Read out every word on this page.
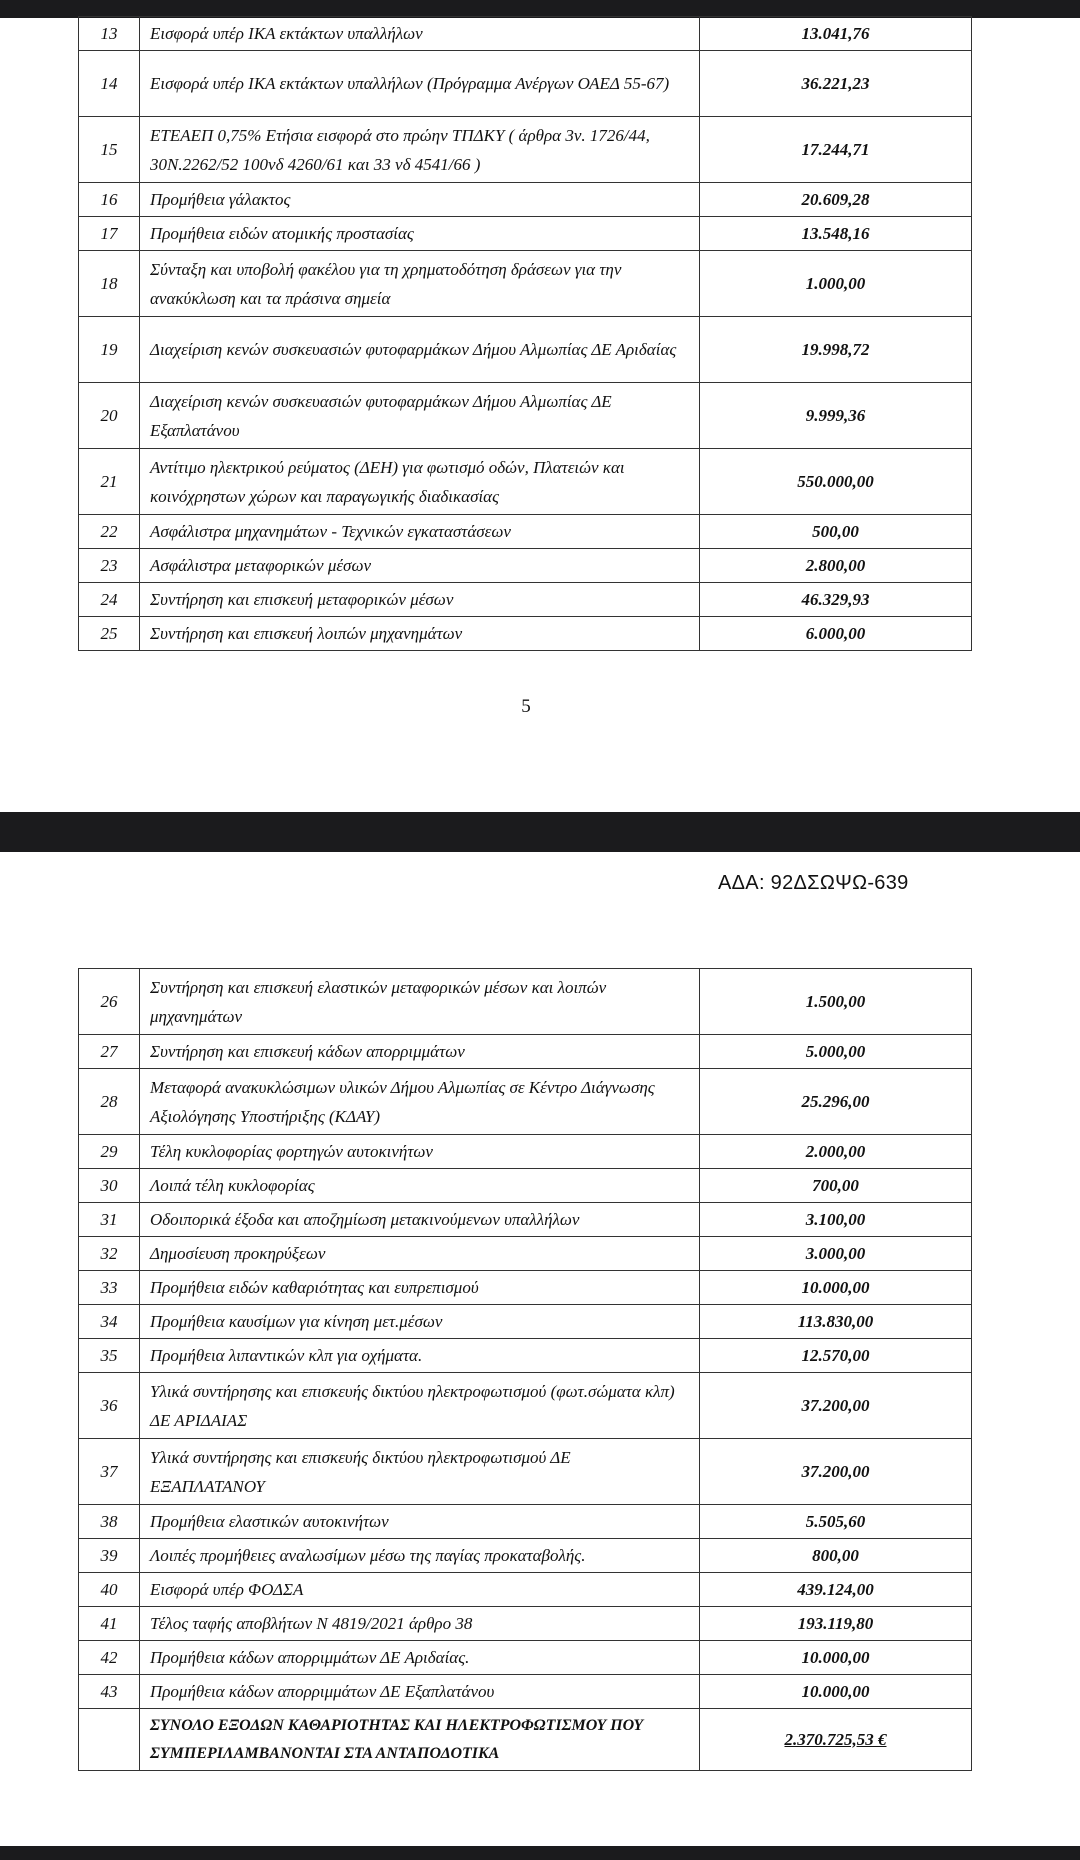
13	Εισφορά υπέρ ΙΚΑ εκτάκτων υπαλλήλων	13.041,76
14	Εισφορά υπέρ ΙΚΑ εκτάκτων υπαλλήλων (Πρόγραμμα Ανέργων ΟΑΕΔ 55-67)	36.221,23
15	ΕΤΕΑΕΠ 0,75% Ετήσια εισφορά στο πρώην ΤΠΔΚΥ ( άρθρα 3ν. 1726/44, 30Ν.2262/52 100νδ 4260/61 και 33 νδ 4541/66 )	17.244,71
16	Προμήθεια γάλακτος	20.609,28
17	Προμήθεια ειδών ατομικής προστασίας	13.548,16
18	Σύνταξη και υποβολή φακέλου για τη χρηματοδότηση δράσεων για την ανακύκλωση και τα πράσινα σημεία	1.000,00
19	Διαχείριση κενών συσκευασιών φυτοφαρμάκων Δήμου Αλμωπίας ΔΕ Αριδαίας	19.998,72
20	Διαχείριση κενών συσκευασιών φυτοφαρμάκων Δήμου Αλμωπίας ΔΕ Εξαπλατάνου	9.999,36
21	Αντίτιμο ηλεκτρικού ρεύματος (ΔΕΗ) για φωτισμό οδών, Πλατειών και κοινόχρηστων χώρων και παραγωγικής διαδικασίας	550.000,00
22	Ασφάλιστρα μηχανημάτων - Τεχνικών εγκαταστάσεων	500,00
23	Ασφάλιστρα μεταφορικών μέσων	2.800,00
24	Συντήρηση και επισκευή μεταφορικών μέσων	46.329,93
25	Συντήρηση και επισκευή λοιπών μηχανημάτων	6.000,00
5
ΑΔΑ: 92ΔΣΩΨΩ-639
26	Συντήρηση και επισκευή ελαστικών μεταφορικών μέσων και λοιπών μηχανημάτων	1.500,00
27	Συντήρηση και επισκευή κάδων απορριμμάτων	5.000,00
28	Μεταφορά ανακυκλώσιμων υλικών Δήμου Αλμωπίας σε Κέντρο Διάγνωσης Αξιολόγησης Υποστήριξης (ΚΔΑΥ)	25.296,00
29	Τέλη κυκλοφορίας φορτηγών αυτοκινήτων	2.000,00
30	Λοιπά τέλη κυκλοφορίας	700,00
31	Οδοιπορικά έξοδα και αποζημίωση μετακινούμενων υπαλλήλων	3.100,00
32	Δημοσίευση προκηρύξεων	3.000,00
33	Προμήθεια ειδών καθαριότητας και ευπρεπισμού	10.000,00
34	Προμήθεια καυσίμων για κίνηση μετ.μέσων	113.830,00
35	Προμήθεια λιπαντικών κλπ για οχήματα.	12.570,00
36	Υλικά συντήρησης και επισκευής δικτύου ηλεκτροφωτισμού (φωτ.σώματα κλπ) ΔΕ ΑΡΙΔΑΙΑΣ	37.200,00
37	Υλικά συντήρησης και επισκευής δικτύου ηλεκτροφωτισμού ΔΕ ΕΞΑΠΛΑΤΑΝΟΥ	37.200,00
38	Προμήθεια ελαστικών αυτοκινήτων	5.505,60
39	Λοιπές προμήθειες αναλωσίμων μέσω της παγίας προκαταβολής.	800,00
40	Εισφορά υπέρ ΦΟΔΣΑ	439.124,00
41	Τέλος ταφής αποβλήτων Ν 4819/2021 άρθρο 38	193.119,80
42	Προμήθεια κάδων απορριμμάτων ΔΕ Αριδαίας.	10.000,00
43	Προμήθεια κάδων απορριμμάτων ΔΕ Εξαπλατάνου	10.000,00
	ΣΥΝΟΛΟ ΕΞΟΔΩΝ ΚΑΘΑΡΙΟΤΗΤΑΣ ΚΑΙ ΗΛΕΚΤΡΟΦΩΤΙΣΜΟΥ ΠΟΥ ΣΥΜΠΕΡΙΛΑΜΒΑΝΟΝΤΑΙ ΣΤΑ ΑΝΤΑΠΟΔΟΤΙΚΑ	2.370.725,53 €
